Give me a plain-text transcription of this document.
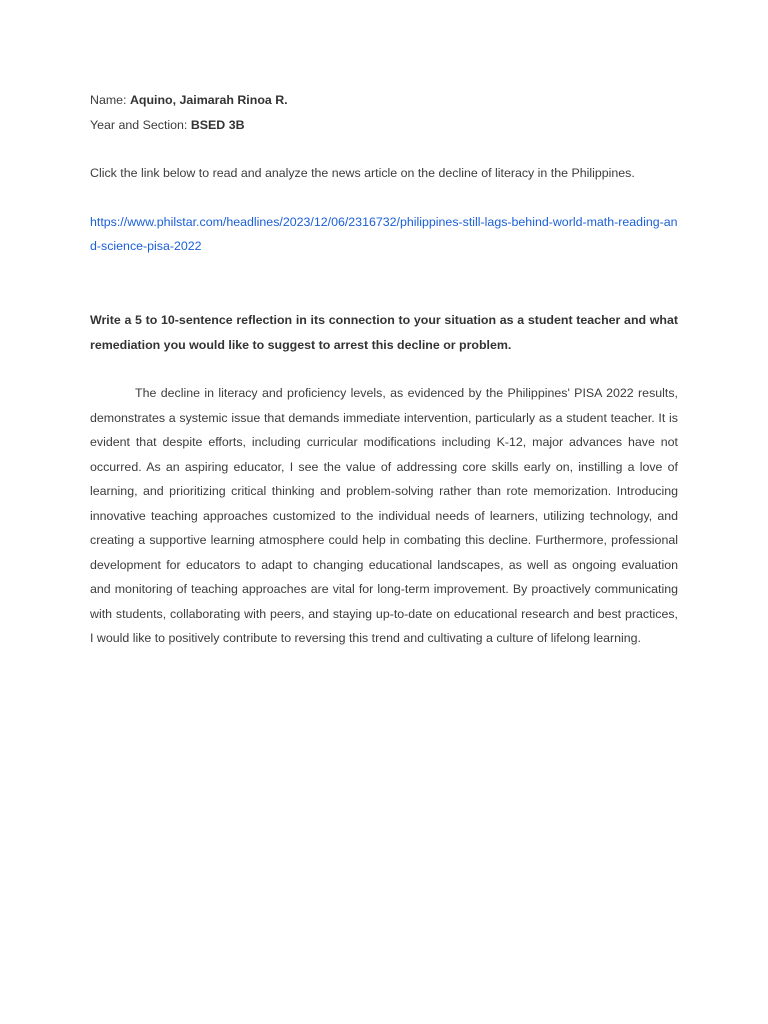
Name: Aquino, Jaimarah Rinoa R.
Year and Section: BSED 3B
Click the link below to read and analyze the news article on the decline of literacy in the Philippines.
https://www.philstar.com/headlines/2023/12/06/2316732/philippines-still-lags-behind-world-math-reading-and-science-pisa-2022
Write a 5 to 10-sentence reflection in its connection to your situation as a student teacher and what remediation you would like to suggest to arrest this decline or problem.
The decline in literacy and proficiency levels, as evidenced by the Philippines' PISA 2022 results, demonstrates a systemic issue that demands immediate intervention, particularly as a student teacher. It is evident that despite efforts, including curricular modifications including K-12, major advances have not occurred. As an aspiring educator, I see the value of addressing core skills early on, instilling a love of learning, and prioritizing critical thinking and problem-solving rather than rote memorization. Introducing innovative teaching approaches customized to the individual needs of learners, utilizing technology, and creating a supportive learning atmosphere could help in combating this decline. Furthermore, professional development for educators to adapt to changing educational landscapes, as well as ongoing evaluation and monitoring of teaching approaches are vital for long-term improvement. By proactively communicating with students, collaborating with peers, and staying up-to-date on educational research and best practices, I would like to positively contribute to reversing this trend and cultivating a culture of lifelong learning.
